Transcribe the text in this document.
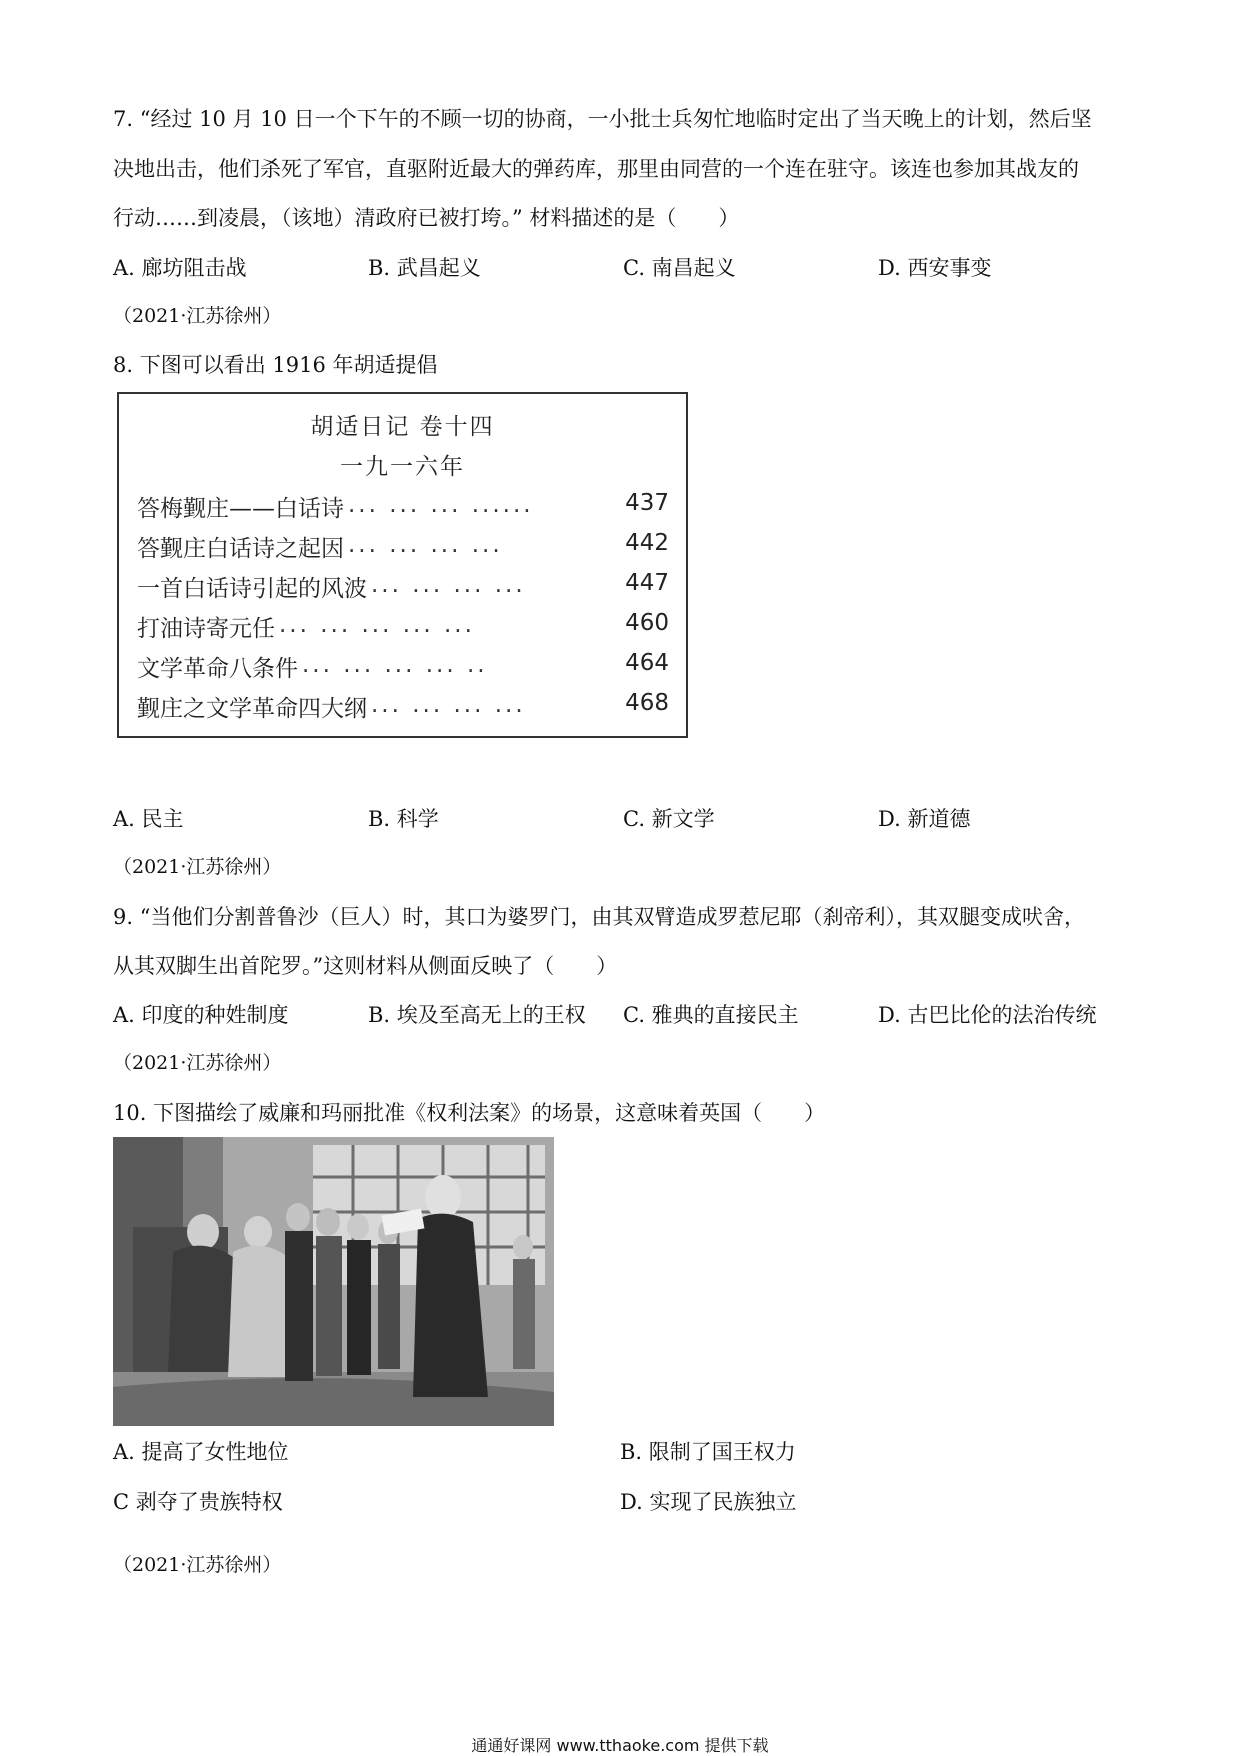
7. “经过 10 月 10 日一个下午的不顾一切的协商，一小批士兵匆忙地临时定出了当天晚上的计划，然后坚
决地出击，他们杀死了军官，直驱附近最大的弹药库，那里由同营的一个连在驻守。该连也参加其战友的
行动……到凌晨，（该地）清政府已被打垮。” 材料描述的是（　　）
A. 廊坊阻击战	B. 武昌起义	C. 南昌起义	D. 西安事变
（2021·江苏徐州）
8. 下图可以看出 1916 年胡适提倡
胡适日记 卷十四
一九一六年
答梅觐庄——白话诗 ... ... ... ......	437
答觐庄白话诗之起因 ... ... ... ...	442
一首白话诗引起的风波 ... ... ... ...	447
打油诗寄元任 ... ... ... ... ...	460
文学革命八条件 ... ... ... ... ..	464
觐庄之文学革命四大纲 ... ... ... ...	468
A. 民主	B. 科学	C. 新文学	D. 新道德
（2021·江苏徐州）
9. “当他们分割普鲁沙（巨人）时，其口为婆罗门，由其双臂造成罗惹尼耶（刹帝利），其双腿变成吠舍，
从其双脚生出首陀罗。”这则材料从侧面反映了（　　）
A. 印度的种姓制度	B. 埃及至高无上的王权 C. 雅典的直接民主	D. 古巴比伦的法治传统
（2021·江苏徐州）
10. 下图描绘了威廉和玛丽批准《权利法案》的场景，这意味着英国（　　）
A. 提高了女性地位	B. 限制了国王权力
C 剥夺了贵族特权	D. 实现了民族独立
（2021·江苏徐州）
通通好课网 www.tthaoke.com 提供下载
